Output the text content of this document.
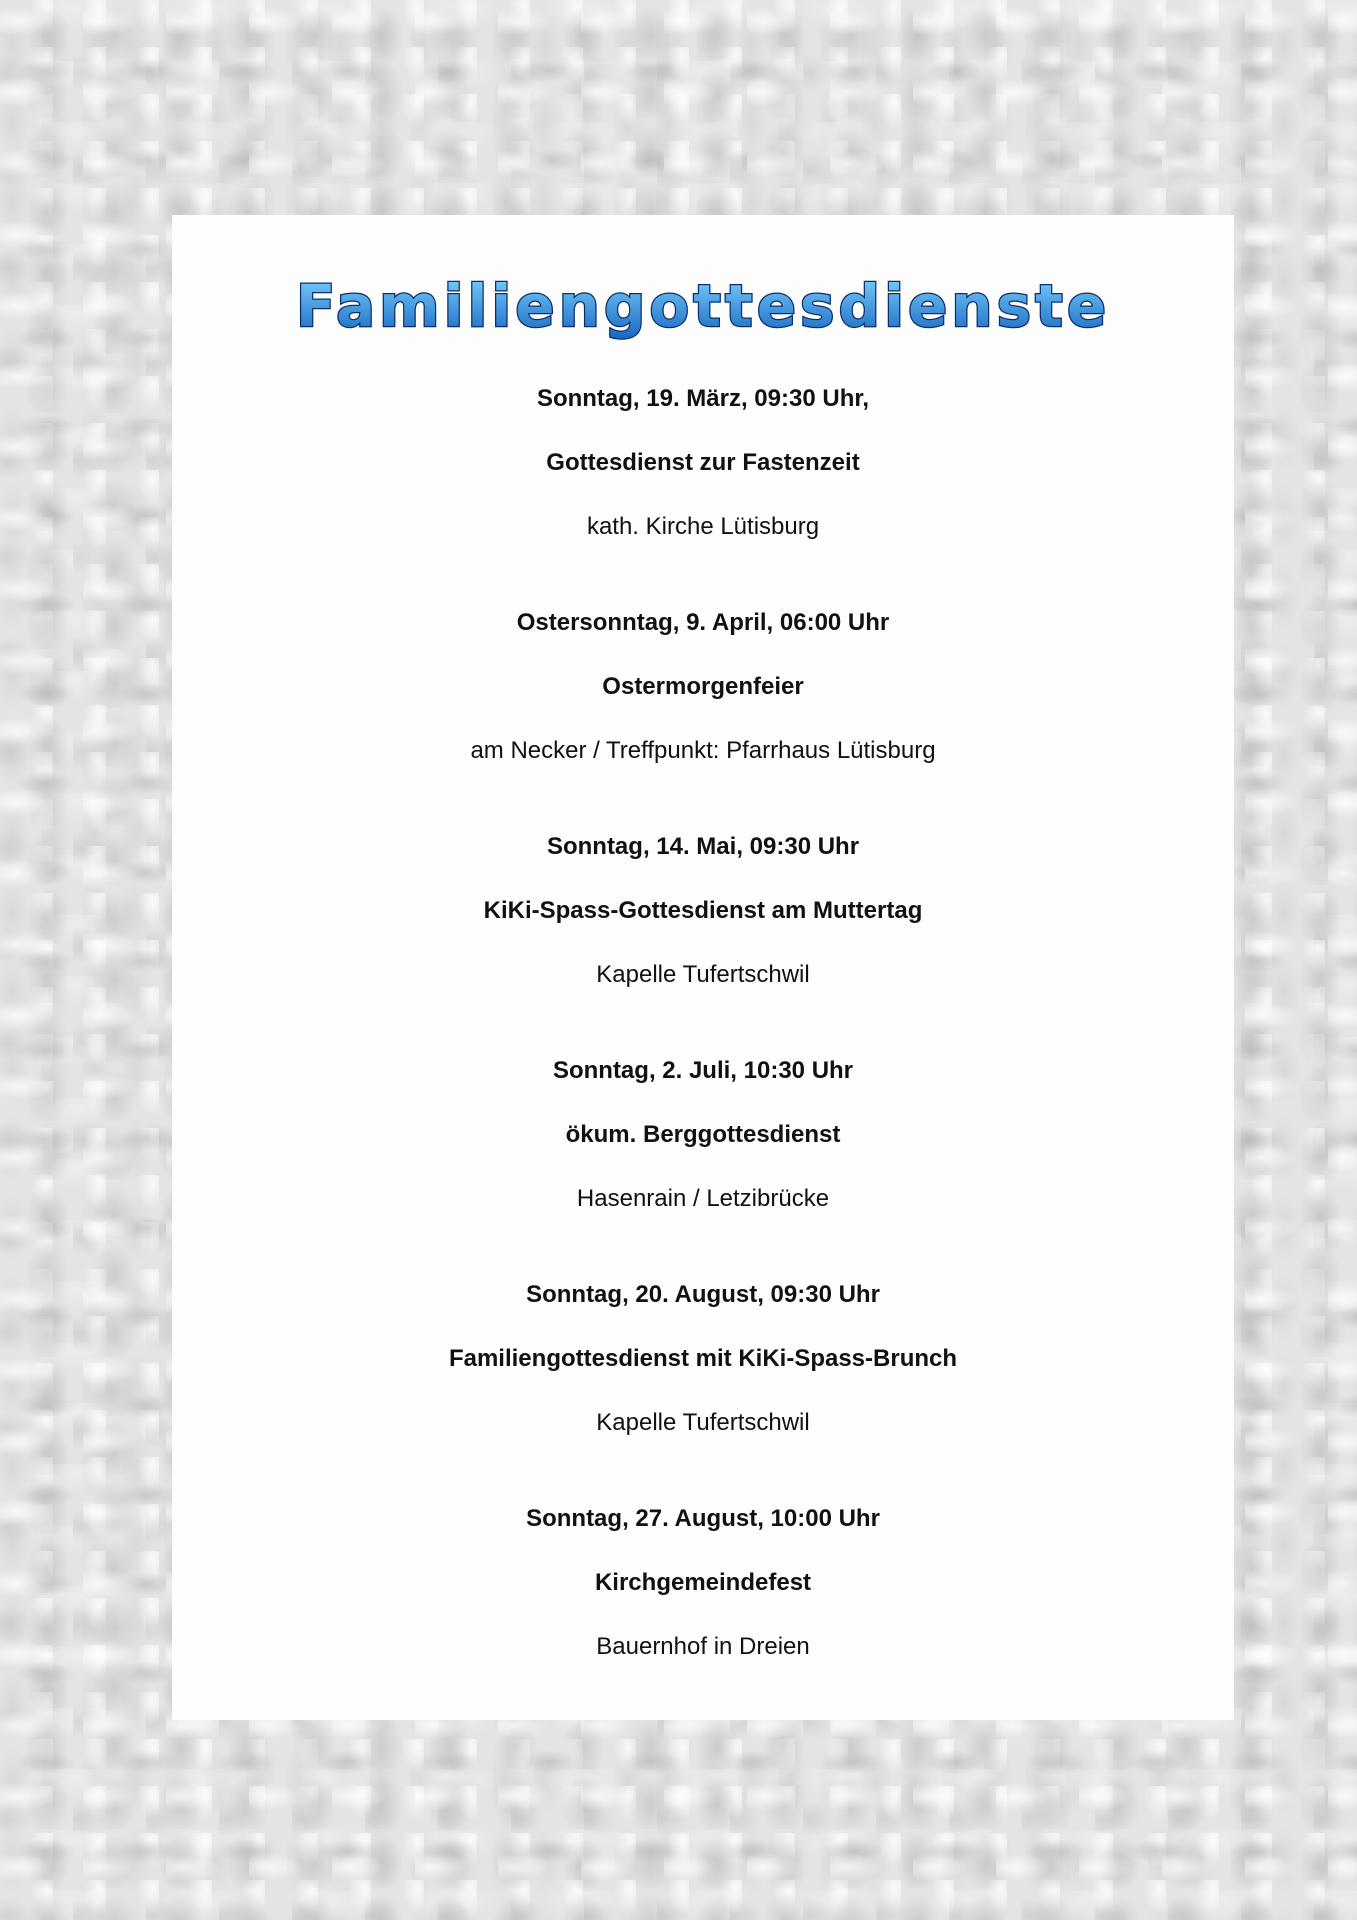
Familiengottesdienste
Sonntag, 19. März, 09:30 Uhr,
Gottesdienst zur Fastenzeit
kath. Kirche Lütisburg
Ostersonntag, 9. April, 06:00 Uhr
Ostermorgenfeier
am Necker / Treffpunkt: Pfarrhaus Lütisburg
Sonntag, 14. Mai, 09:30 Uhr
KiKi-Spass-Gottesdienst am Muttertag
Kapelle Tufertschwil
Sonntag, 2. Juli, 10:30 Uhr
ökum. Berggottesdienst
Hasenrain / Letzibrücke
Sonntag, 20. August, 09:30 Uhr
Familiengottesdienst mit KiKi-Spass-Brunch
Kapelle Tufertschwil
Sonntag, 27. August, 10:00 Uhr
Kirchgemeindefest
Bauernhof in Dreien
